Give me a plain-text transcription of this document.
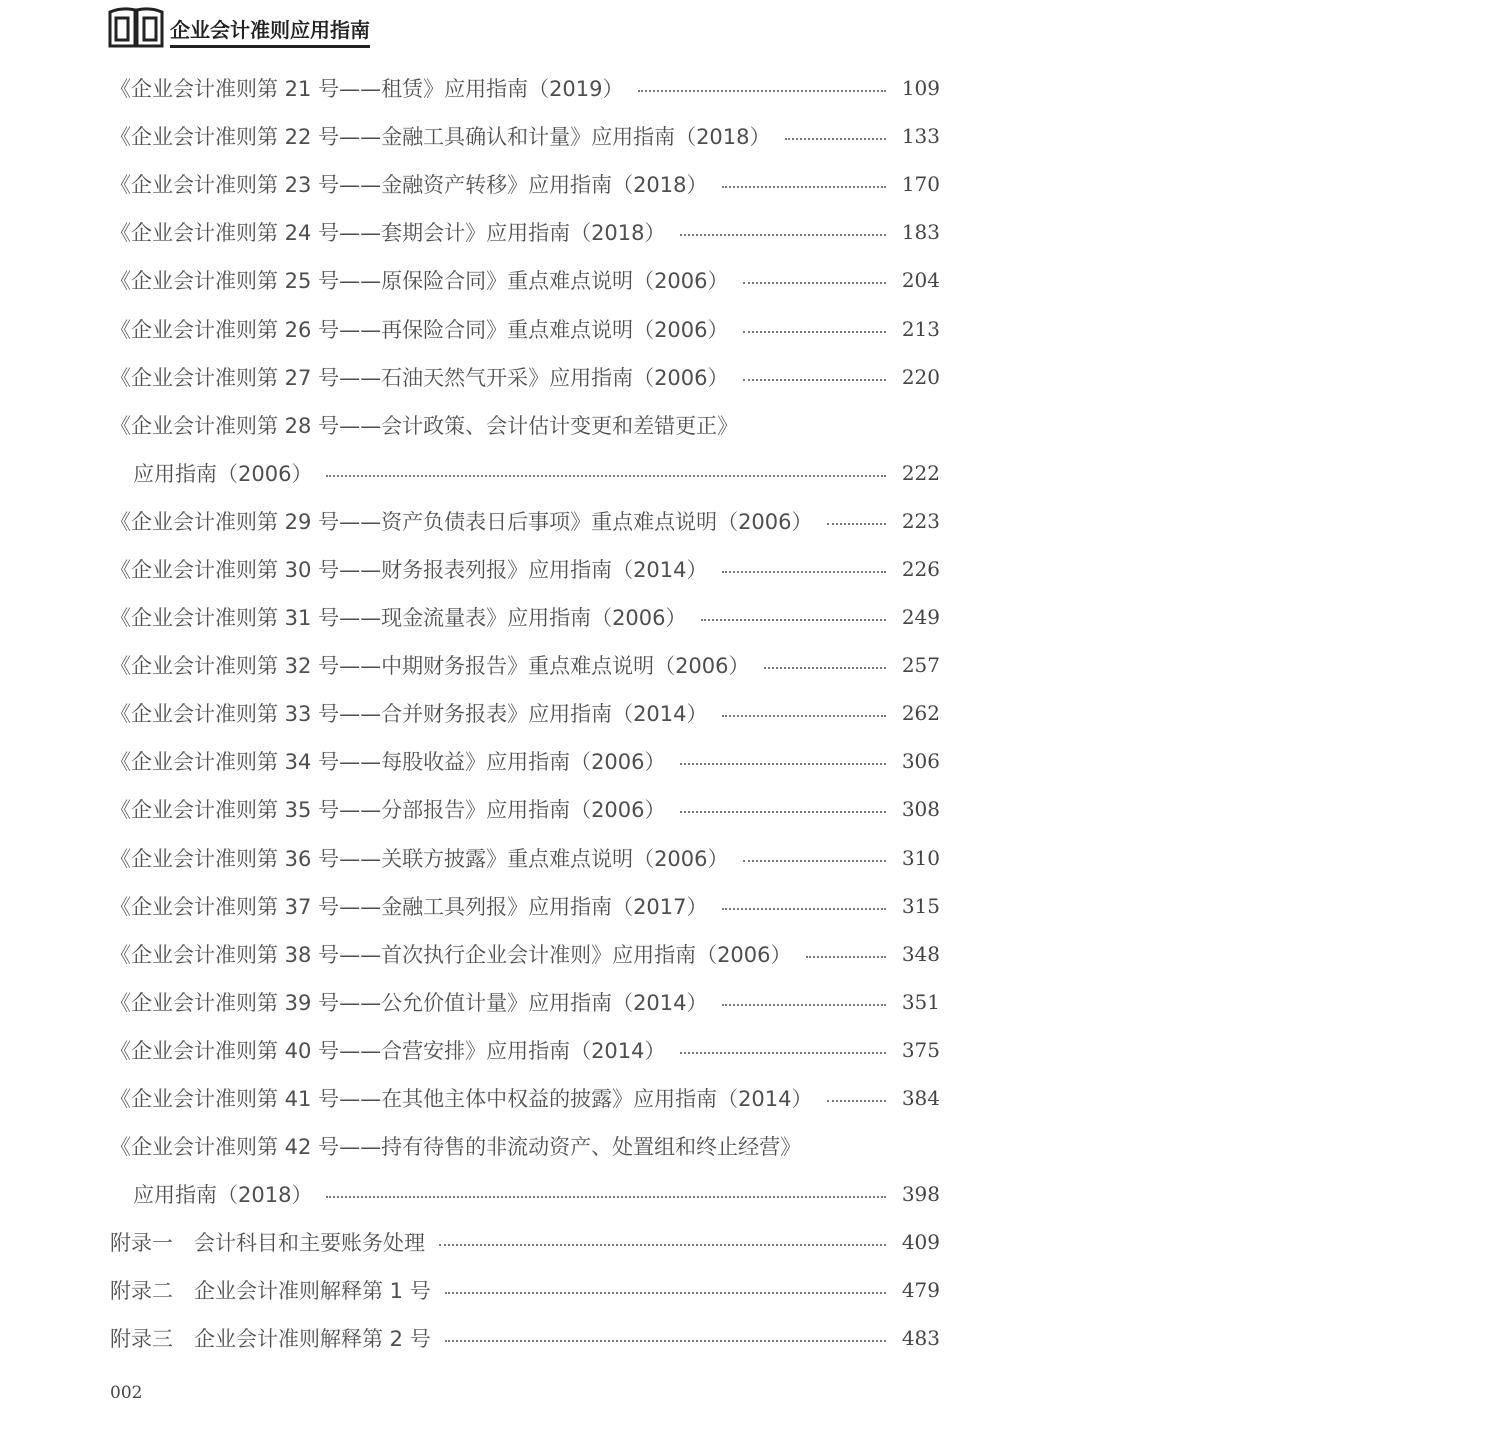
企业会计准则应用指南
《企业会计准则第 21 号——租赁》应用指南（2019）	109
《企业会计准则第 22 号——金融工具确认和计量》应用指南（2018）	133
《企业会计准则第 23 号——金融资产转移》应用指南（2018）	170
《企业会计准则第 24 号——套期会计》应用指南（2018）	183
《企业会计准则第 25 号——原保险合同》重点难点说明（2006）	204
《企业会计准则第 26 号——再保险合同》重点难点说明（2006）	213
《企业会计准则第 27 号——石油天然气开采》应用指南（2006）	220
《企业会计准则第 28 号——会计政策、会计估计变更和差错更正》
应用指南（2006）	222
《企业会计准则第 29 号——资产负债表日后事项》重点难点说明（2006）	223
《企业会计准则第 30 号——财务报表列报》应用指南（2014）	226
《企业会计准则第 31 号——现金流量表》应用指南（2006）	249
《企业会计准则第 32 号——中期财务报告》重点难点说明（2006）	257
《企业会计准则第 33 号——合并财务报表》应用指南（2014）	262
《企业会计准则第 34 号——每股收益》应用指南（2006）	306
《企业会计准则第 35 号——分部报告》应用指南（2006）	308
《企业会计准则第 36 号——关联方披露》重点难点说明（2006）	310
《企业会计准则第 37 号——金融工具列报》应用指南（2017）	315
《企业会计准则第 38 号——首次执行企业会计准则》应用指南（2006）	348
《企业会计准则第 39 号——公允价值计量》应用指南（2014）	351
《企业会计准则第 40 号——合营安排》应用指南（2014）	375
《企业会计准则第 41 号——在其他主体中权益的披露》应用指南（2014）	384
《企业会计准则第 42 号——持有待售的非流动资产、处置组和终止经营》
应用指南（2018）	398
附录一　会计科目和主要账务处理	409
附录二　企业会计准则解释第 1 号	479
附录三　企业会计准则解释第 2 号	483
002
